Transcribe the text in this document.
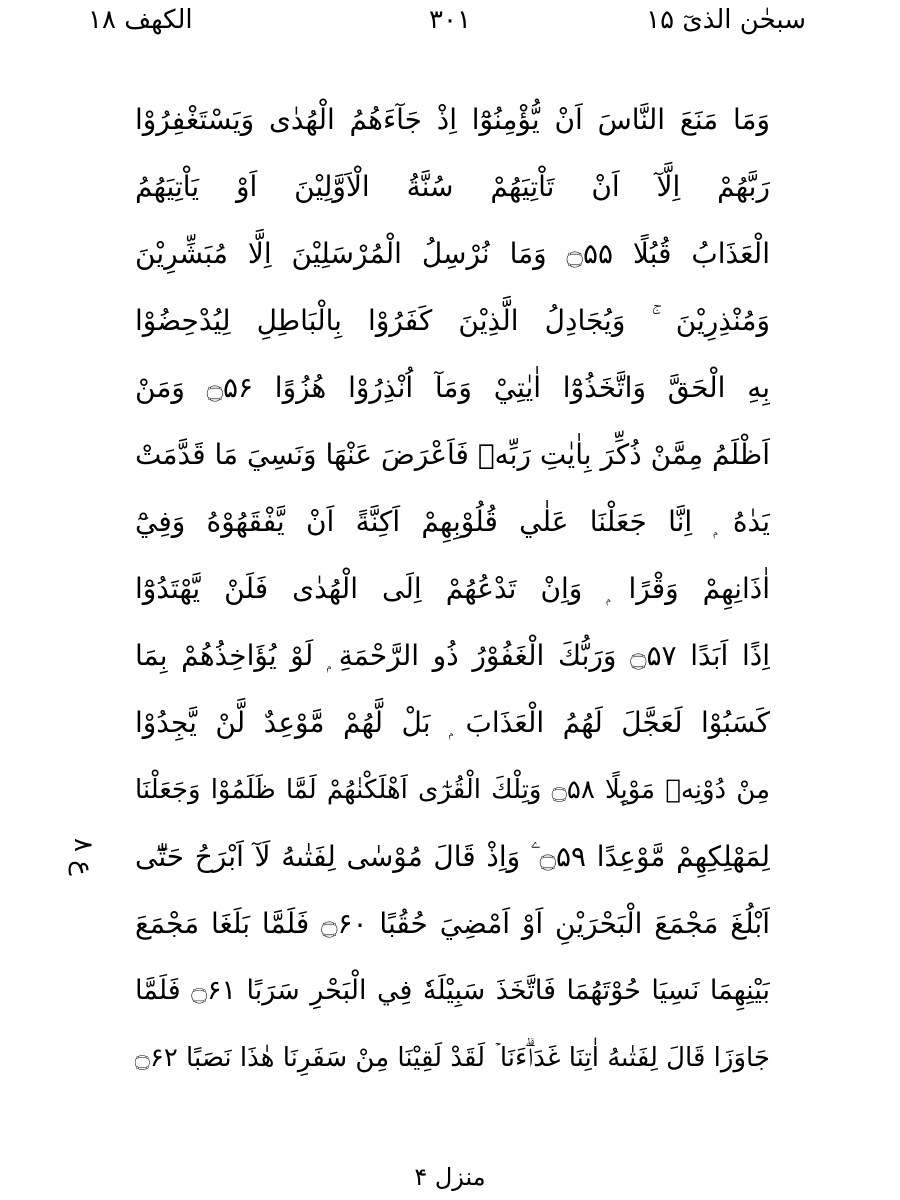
الکھف ۱۸	۳۰۱	سبحٰن الذیٓ ۱۵
وَمَا مَنَعَ النَّاسَ اَنْ يُّؤْمِنُوْٓا اِذْ جَآءَهُمُ الْهُدٰى وَيَسْتَغْفِرُوْا
رَبَّهُمْ اِلَّآ اَنْ تَاْتِيَهُمْ سُنَّةُ الْاَوَّلِيْنَ اَوْ يَاْتِيَهُمُ
الْعَذَابُ قُبُلًا ۝۵۵ وَمَا نُرْسِلُ الْمُرْسَلِيْنَ اِلَّا مُبَشِّرِيْنَ
وَمُنْذِرِيْنَ ۚ وَيُجَادِلُ الَّذِيْنَ كَفَرُوْا بِالْبَاطِلِ لِيُدْحِضُوْا
بِهِ الْحَقَّ وَاتَّخَذُوْٓا اٰيٰتِيْ وَمَآ اُنْذِرُوْا هُزُوًا ۝۵۶ وَمَنْ
اَظْلَمُ مِمَّنْ ذُكِّرَ بِاٰيٰتِ رَبِّهٖ فَاَعْرَضَ عَنْهَا وَنَسِيَ مَا قَدَّمَتْ
يَدٰهُ ۭ اِنَّا جَعَلْنَا عَلٰي قُلُوْبِهِمْ اَكِنَّةً اَنْ يَّفْقَهُوْهُ وَفِيْٓ
اٰذَانِهِمْ وَقْرًا ۭ وَاِنْ تَدْعُهُمْ اِلَى الْهُدٰى فَلَنْ يَّهْتَدُوْٓا
اِذًا اَبَدًا ۝۵۷ وَرَبُّكَ الْغَفُوْرُ ذُو الرَّحْمَةِ ۭ لَوْ يُؤَاخِذُهُمْ بِمَا
كَسَبُوْا لَعَجَّلَ لَهُمُ الْعَذَابَ ۭ بَلْ لَّهُمْ مَّوْعِدٌ لَّنْ يَّجِدُوْا
مِنْ دُوْنِهٖ مَوْىِٕلًا ۝۵۸ وَتِلْكَ الْقُرٰٓى اَهْلَكْنٰهُمْ لَمَّا ظَلَمُوْا وَجَعَلْنَا
لِمَهْلِكِهِمْ مَّوْعِدًا ۝۵۹ ۧ وَاِذْ قَالَ مُوْسٰى لِفَتٰىهُ لَآ اَبْرَحُ حَتّٰٓى
اَبْلُغَ مَجْمَعَ الْبَحْرَيْنِ اَوْ اَمْضِيَ حُقُبًا ۝۶۰ فَلَمَّا بَلَغَا مَجْمَعَ
بَيْنِهِمَا نَسِيَا حُوْتَهُمَا فَاتَّخَذَ سَبِيْلَهٗ فِي الْبَحْرِ سَرَبًا ۝۶۱ فَلَمَّا
جَاوَزَا قَالَ لِفَتٰىهُ اٰتِنَا غَدَاۗءَنَا ۡ لَقَدْ لَقِيْنَا مِنْ سَفَرِنَا هٰذَا نَصَبًا ۝۶۲
ع ۸
منزل ۴
